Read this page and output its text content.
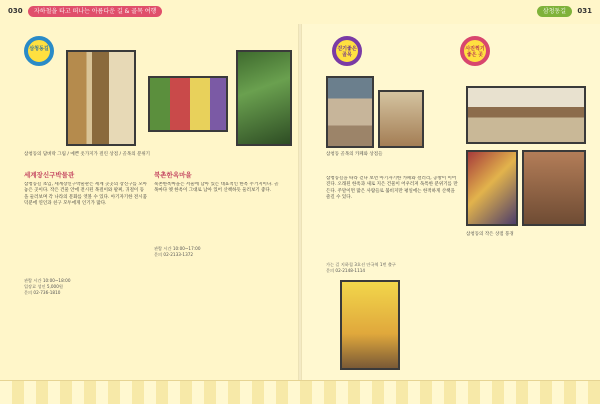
030	자하철을 타고 떠나는 아름다운 길 & 골목 여행	삼청동길	031
삼청동길
삼청동의 담벼락 그림 / 예쁜 옷가지가 걸린 상점 / 골목의 분위기
세계장신구박물관
삼청동길 초입, 세계장신구박물관은 세계 곳곳의 장신구를 모아 놓은 곳이다. 작은 건물 안에 전시된 목걸이와 팔찌, 귀걸이 등을 둘러보며 각 나라의 문화를 엿볼 수 있다. 아기자기한 전시품 덕분에 연인과 친구 모두에게 인기가 많다.
관람 시간 10:00~18:00
입장료 성인 5,000원
문의 02-736-1810
북촌한옥마을
북촌한옥마을은 서울에 남아 있는 대표적인 한옥 주거지이다. 골목마다 옛 한옥이 그대로 남아 있어 산책하듯 둘러보기 좋다.
관람 시간 10:00~17:00
문의 02-2133-1372
걷기좋은 골목
사진찍기 좋은 곳
삼청동 골목의 카페와 상점들
삼청동길을 따라 걷다 보면 아기자기한 카페와 갤러리, 공방이 이어진다. 오래된 한옥과 새로 지은 건물이 어우러져 독특한 분위기를 만든다. 주말이면 많은 사람들로 붐비지만 평일에는 한적하게 산책을 즐길 수 있다.
가는 길 지하철 3호선 안국역 1번 출구
문의 02-2148-1114
삼청동의 작은 상점 풍경
